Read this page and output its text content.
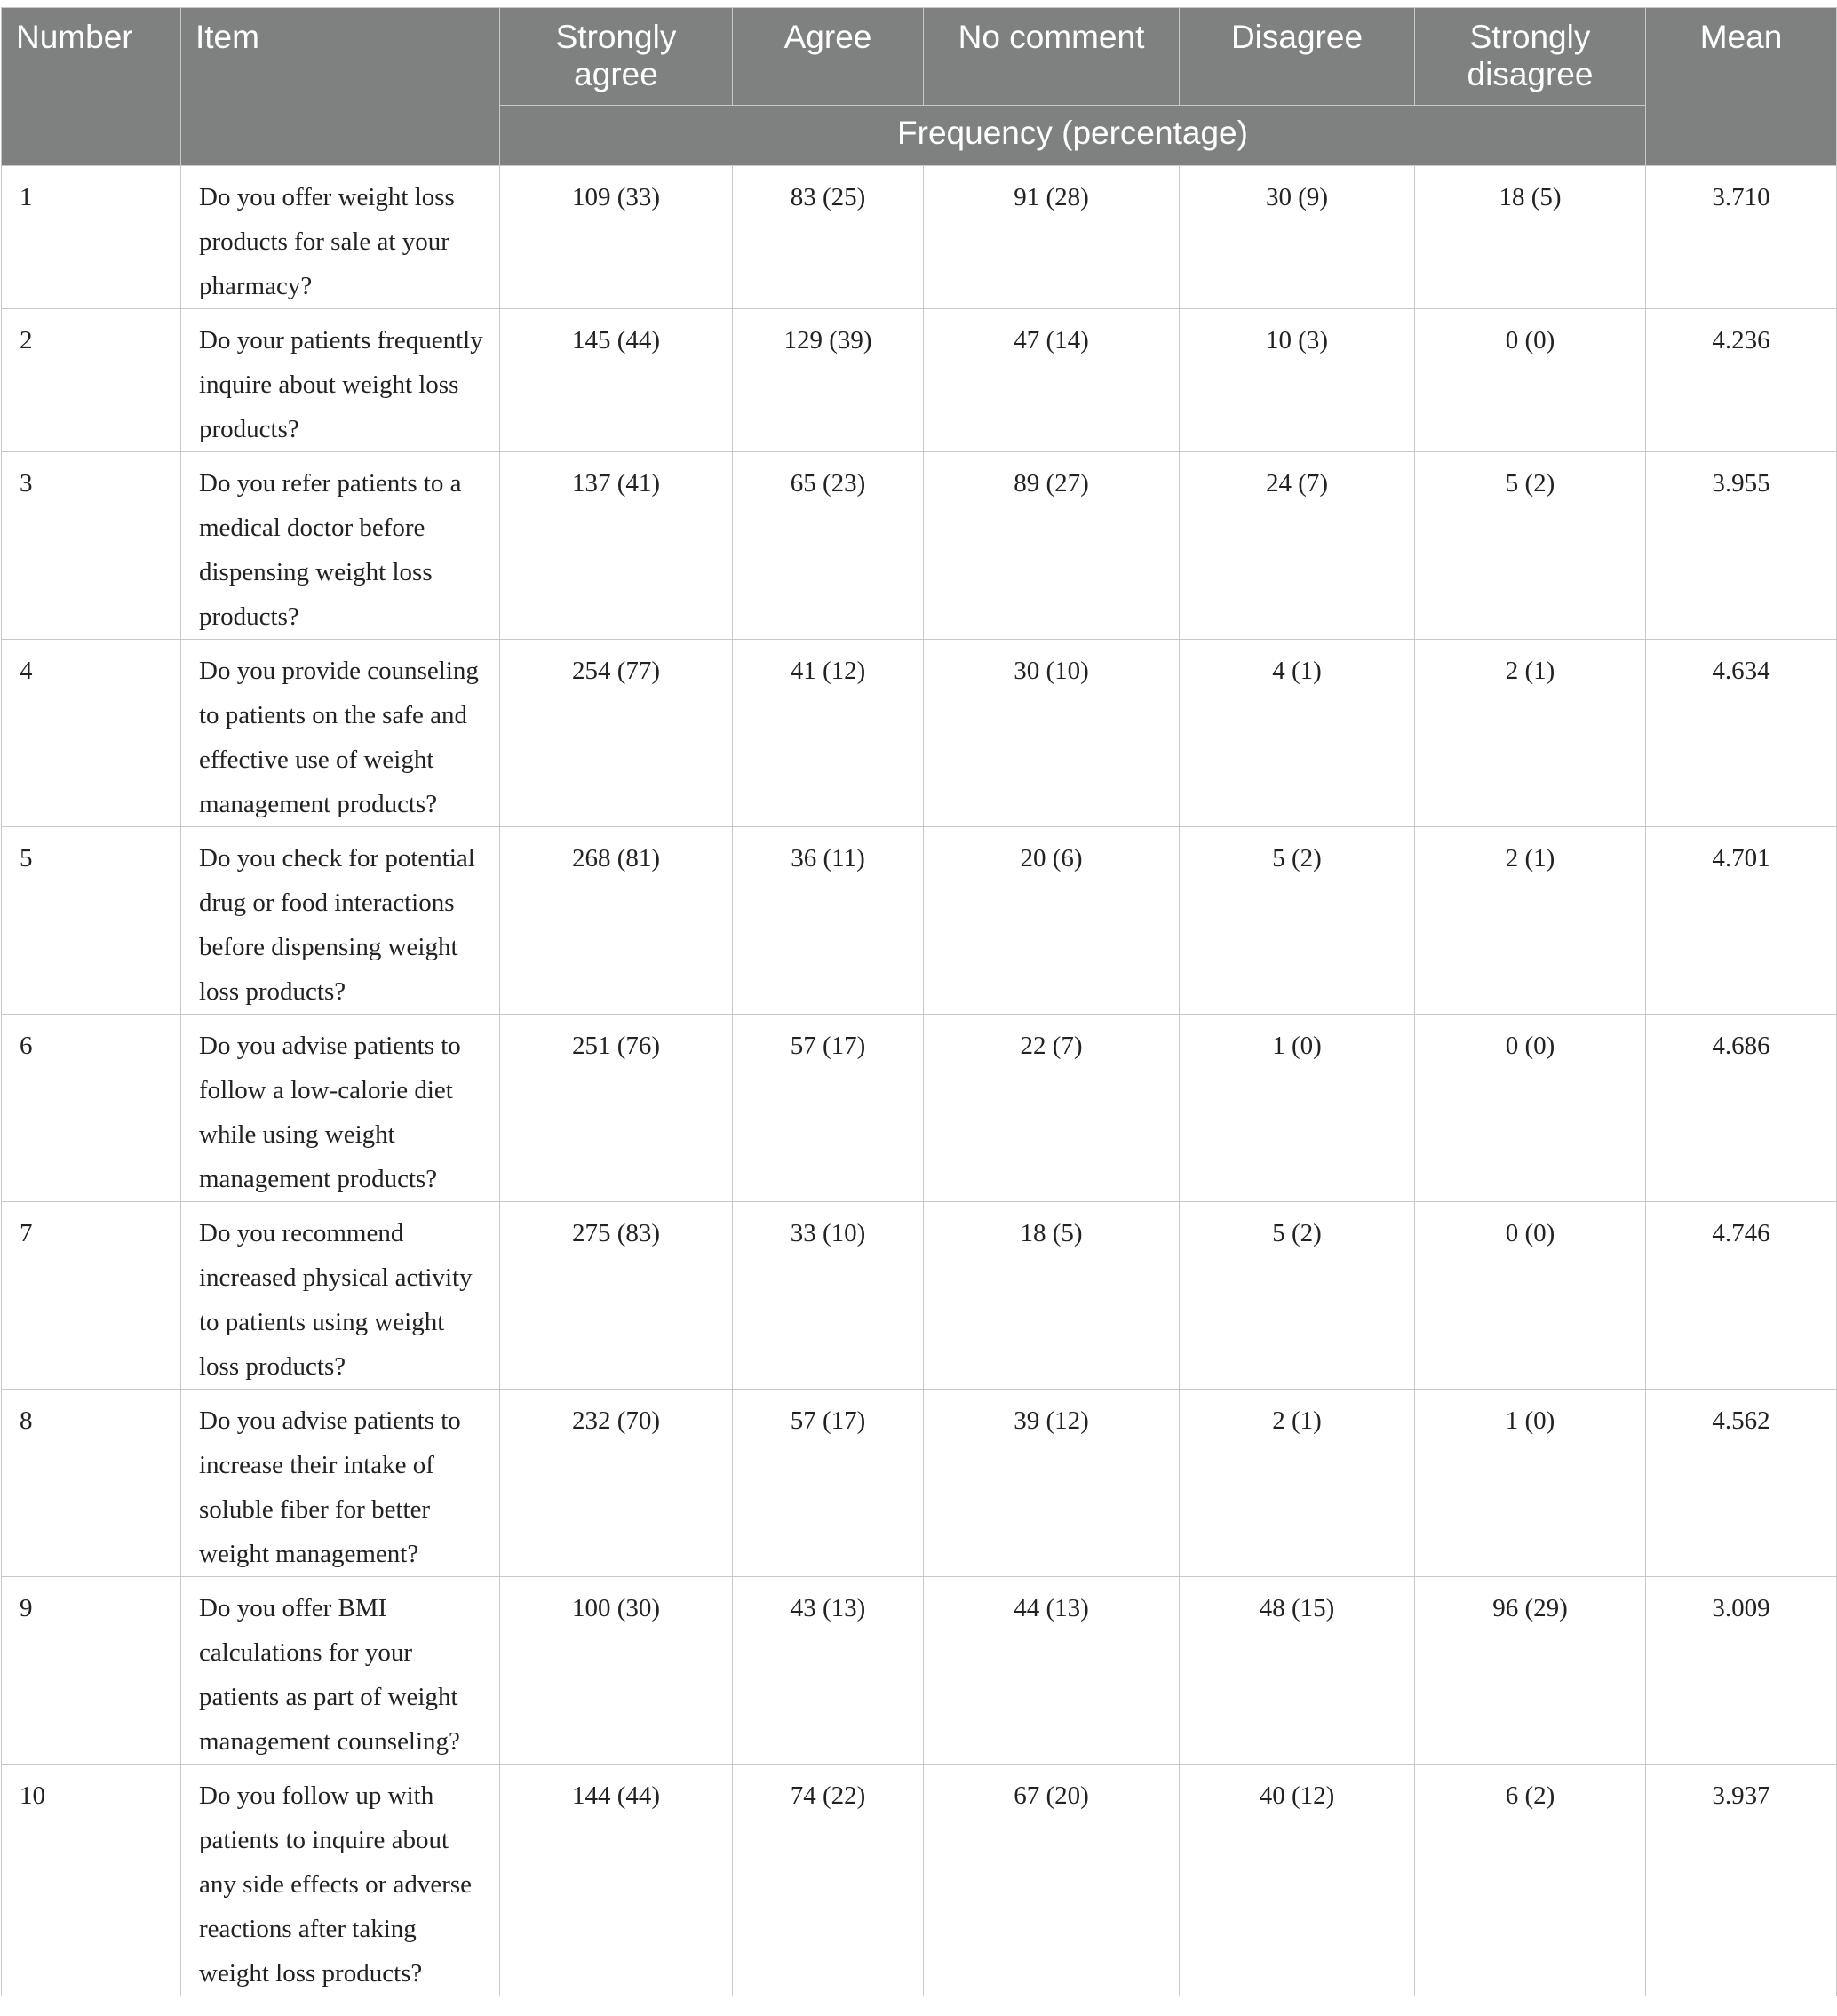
Number	Item	Strongly agree	Agree	No comment	Disagree	Strongly disagree	Mean
		Frequency (percentage)					
1	Do you offer weight loss products for sale at your pharmacy?	109 (33)	83 (25)	91 (28)	30 (9)	18 (5)	3.710
2	Do your patients frequently inquire about weight loss products?	145 (44)	129 (39)	47 (14)	10 (3)	0 (0)	4.236
3	Do you refer patients to a medical doctor before dispensing weight loss products?	137 (41)	65 (23)	89 (27)	24 (7)	5 (2)	3.955
4	Do you provide counseling to patients on the safe and effective use of weight management products?	254 (77)	41 (12)	30 (10)	4 (1)	2 (1)	4.634
5	Do you check for potential drug or food interactions before dispensing weight loss products?	268 (81)	36 (11)	20 (6)	5 (2)	2 (1)	4.701
6	Do you advise patients to follow a low-calorie diet while using weight management products?	251 (76)	57 (17)	22 (7)	1 (0)	0 (0)	4.686
7	Do you recommend increased physical activity to patients using weight loss products?	275 (83)	33 (10)	18 (5)	5 (2)	0 (0)	4.746
8	Do you advise patients to increase their intake of soluble fiber for better weight management?	232 (70)	57 (17)	39 (12)	2 (1)	1 (0)	4.562
9	Do you offer BMI calculations for your patients as part of weight management counseling?	100 (30)	43 (13)	44 (13)	48 (15)	96 (29)	3.009
10	Do you follow up with patients to inquire about any side effects or adverse reactions after taking weight loss products?	144 (44)	74 (22)	67 (20)	40 (12)	6 (2)	3.937
